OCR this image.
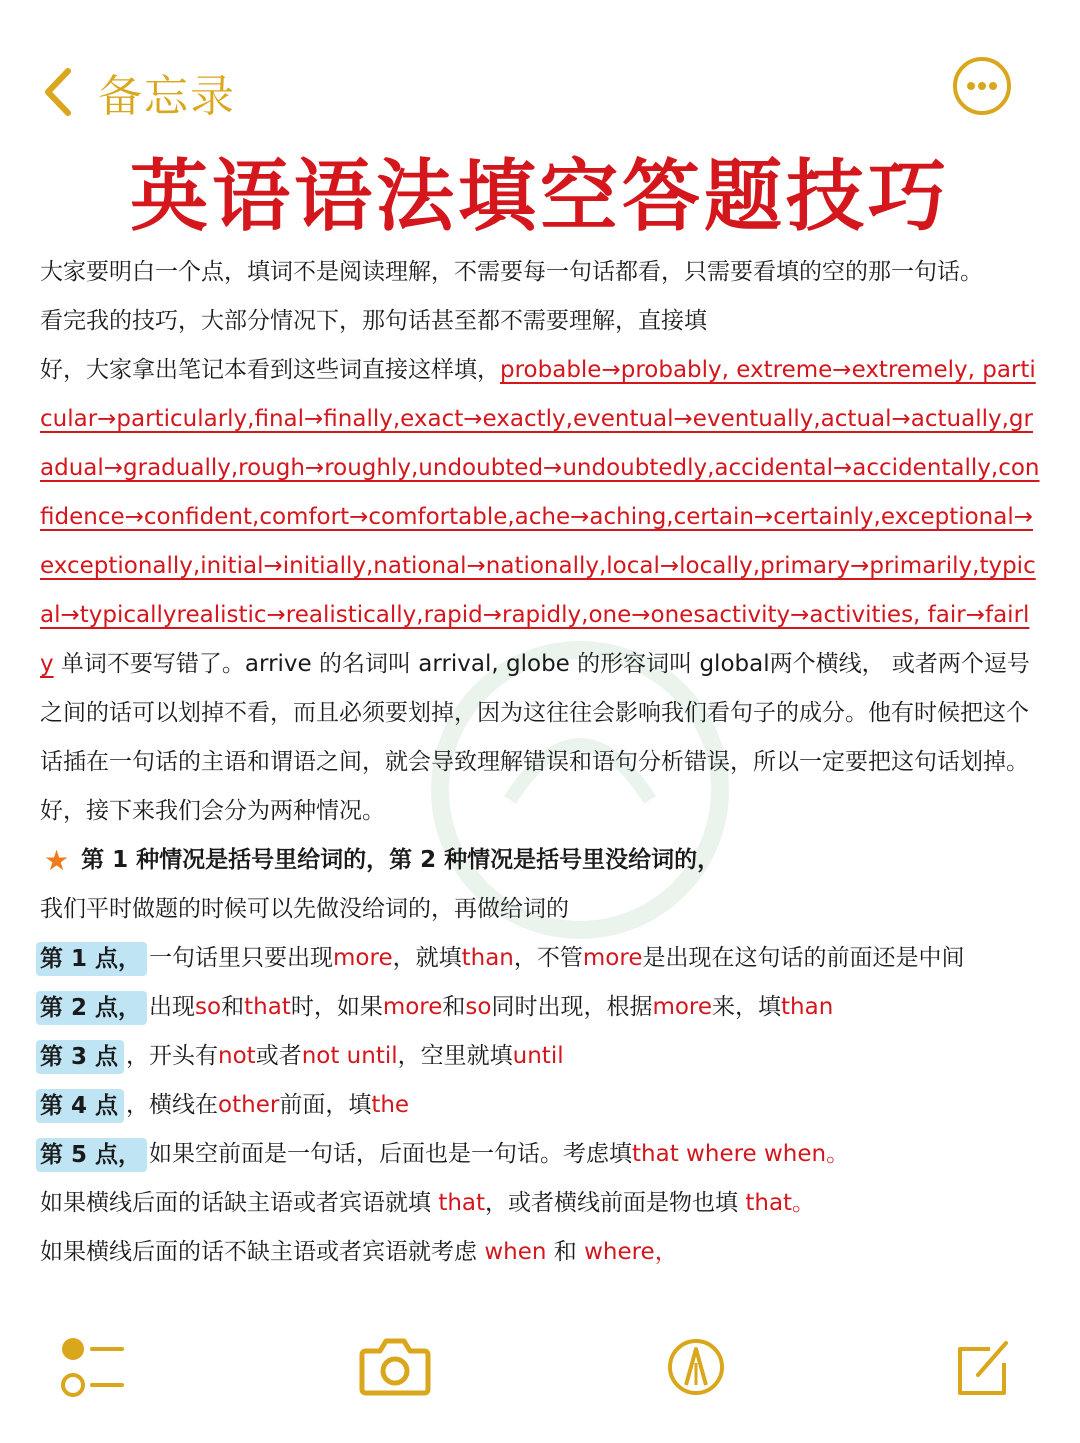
备忘录
英语语法填空答题技巧

大家要明白一个点，填词不是阅读理解，不需要每一句话都看，只需要看填的空的那一句话。

看完我的技巧，大部分情况下，那句话甚至都不需要理解，直接填

好，大家拿出笔记本看到这些词直接这样填，probable→probably, extreme→extremely, particular→particularly,final→finally,exact→exactly,eventual→eventually,actual→actually,gradual→gradually,rough→roughly,undoubted→undoubtedly,accidental→accidentally,confidence→confident,comfort→comfortable,ache→aching,certain→certainly,exceptional→exceptionally,initial→initially,national→nationally,local→locally,primary→primarily,typical→typicallyrealistic→realistically,rapid→rapidly,one→onesactivity→activities, fair→fairly 单词不要写错了。arrive 的名词叫 arrival, globe 的形容词叫 global两个横线， 或者两个逗号之间的话可以划掉不看，而且必须要划掉，因为这往往会影响我们看句子的成分。他有时候把这个话插在一句话的主语和谓语之间，就会导致理解错误和语句分析错误，所以一定要把这句话划掉。

好，接下来我们会分为两种情况。

★ 第 1 种情况是括号里给词的，第 2 种情况是括号里没给词的，

我们平时做题的时候可以先做没给词的，再做给词的

第 1 点， 一句话里只要出现 more ，就填 than ，不管 more 是出现在这句话的前面还是中间

第 2 点， 出现 so 和 that 时，如果 more 和 so 同时出现，根据 more 来，填 than

第 3 点 ，开头有 not 或者 not until ，空里就填 until

第 4 点 ，横线在 other 前面，填 the

第 5 点， 如果空前面是一句话，后面也是一句话。考虑填 that where when。

如果横线后面的话缺主语或者宾语就填 that，或者横线前面是物也填 that。

如果横线后面的话不缺主语或者宾语就考虑 when 和 where，
